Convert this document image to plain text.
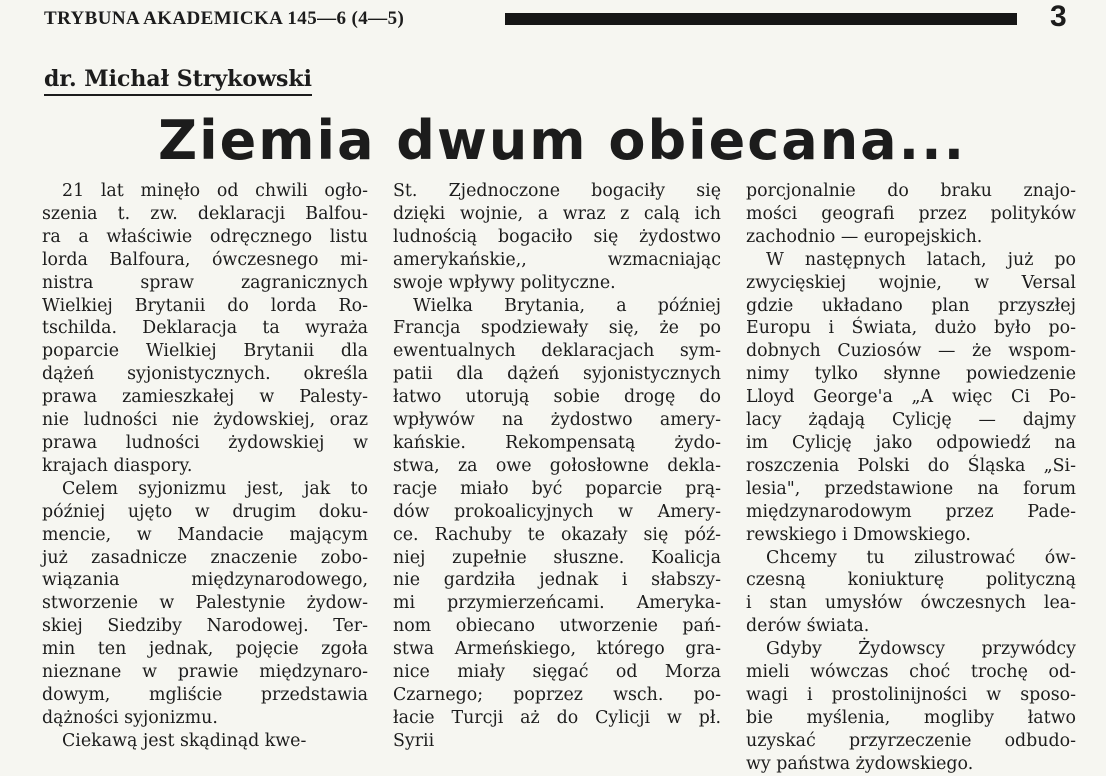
TRYBUNA AKADEMICKA 145—6 (4—5)	3
dr. Michał Strykowski
Ziemia dwum obiecana...
21 lat minęło od chwili ogło-
szenia t. zw. deklaracji Balfou-
ra a właściwie odręcznego listu
lorda Balfoura, ówczesnego mi-
nistra spraw zagranicznych
Wielkiej Brytanii do lorda Ro-
tschilda. Deklaracja ta wyraża
poparcie Wielkiej Brytanii dla
dążeń syjonistycznych. określa
prawa zamieszkałej w Palesty-
nie ludności nie żydowskiej, oraz
prawa ludności żydowskiej w
krajach diaspory.
Celem syjonizmu jest, jak to
później ujęto w drugim doku-
mencie, w Mandacie mającym
już zasadnicze znaczenie zobo-
wiązania międzynarodowego,
stworzenie w Palestynie żydow-
skiej Siedziby Narodowej. Ter-
min ten jednak, pojęcie zgoła
nieznane w prawie międzynaro-
dowym, mgliście przedstawia
dążności syjonizmu.
Ciekawą jest skądinąd kwe-
St. Zjednoczone bogaciły się
dzięki wojnie, a wraz z calą ich
ludnością bogaciło się żydostwo
amerykańskie,, wzmacniając
swoje wpływy polityczne.
Wielka Brytania, a później
Francja spodziewały się, że po
ewentualnych deklaracjach sym-
patii dla dążeń syjonistycznych
łatwo utorują sobie drogę do
wpływów na żydostwo amery-
kańskie. Rekompensatą żydo-
stwa, za owe gołosłowne dekla-
racje miało być poparcie prą-
dów prokoalicyjnych w Amery-
ce. Rachuby te okazały się póź-
niej zupełnie słuszne. Koalicja
nie gardziła jednak i słabszy-
mi przymierzeńcami. Ameryka-
nom obiecano utworzenie pań-
stwa Armeńskiego, którego gra-
nice miały sięgać od Morza
Czarnego; poprzez wsch. po-
łacie Turcji aż do Cylicji w pł.
Syrii
porcjonalnie do braku znajo-
mości geografi przez polityków
zachodnio — europejskich.
W następnych latach, już po
zwycięskiej wojnie, w Versal
gdzie układano plan przyszłej
Europu i Świata, dużo było po-
dobnych Cuziosów — że wspom-
nimy tylko słynne powiedzenie
Lloyd George'a „A więc Ci Po-
lacy żądają Cylicję — dajmy
im Cylicję jako odpowiedź na
roszczenia Polski do Śląska „Si-
lesia", przedstawione na forum
międzynarodowym przez Pade-
rewskiego i Dmowskiego.
Chcemy tu zilustrować ów-
czesną koniukturę polityczną
i stan umysłów ówczesnych lea-
derów świata.
Gdyby Żydowscy przywódcy
mieli wówczas choć trochę od-
wagi i prostolinijności w sposo-
bie myślenia, mogliby łatwo
uzyskać przyrzeczenie odbudo-
wy państwa żydowskiego.
